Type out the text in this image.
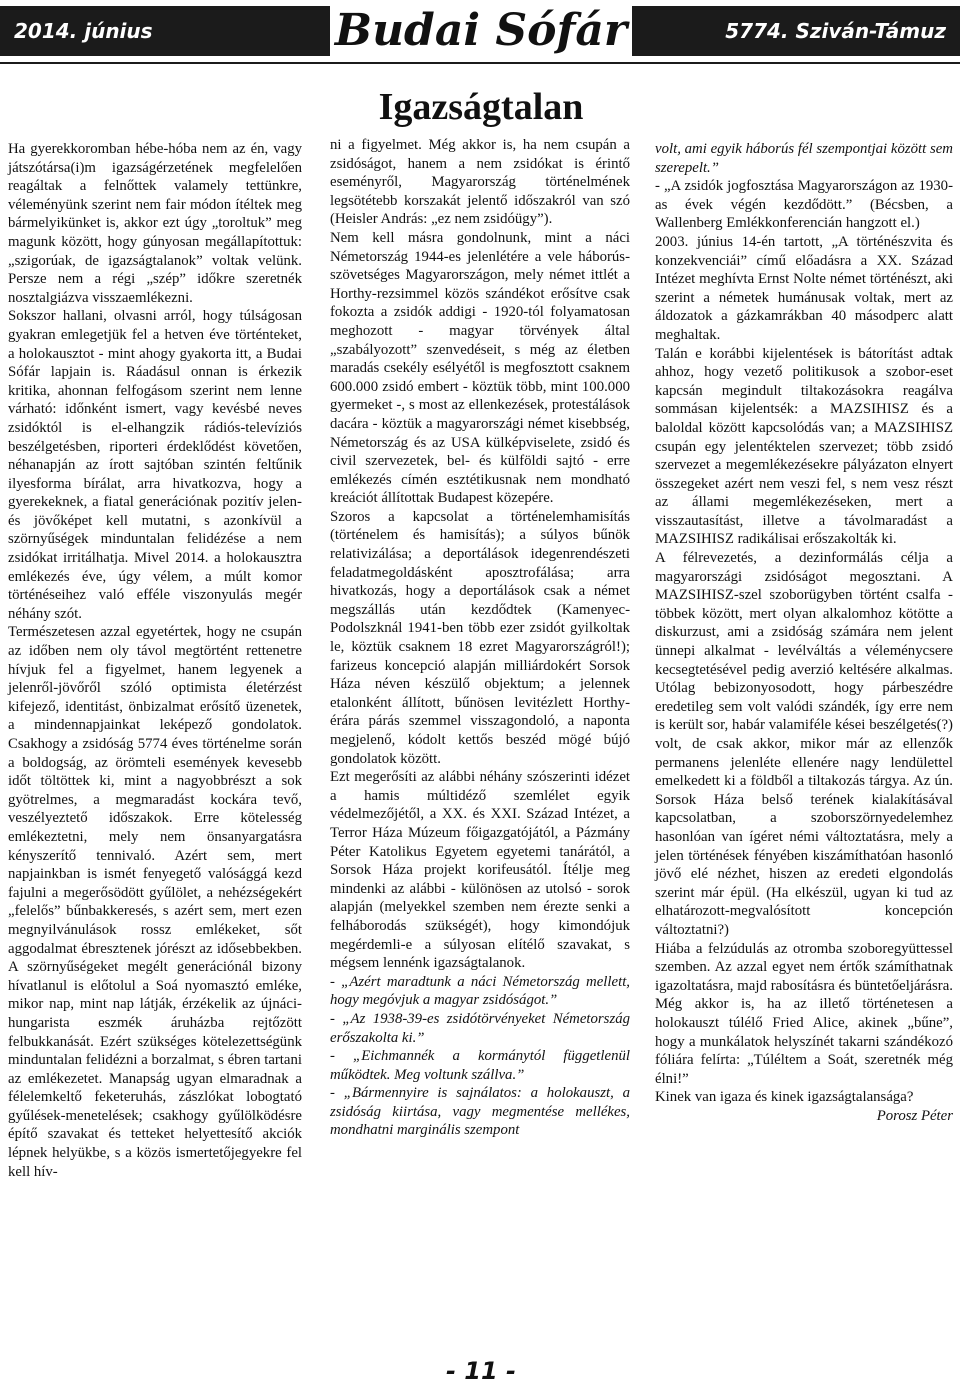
2014. június	Budai Sófár	5774. Sziván-Támuz
Igazságtalan

Ha gyerekkoromban hébe-hóba nem az én, vagy játszótársa(i)m igazságérzetének megfelelően reagáltak a felnőttek valamely tettünkre, véleményünk szerint nem fair módon ítéltek meg bármelyikünket is, akkor ezt úgy „toroltuk” meg magunk között, hogy gúnyosan megállapítottuk: „szigorúak, de igazságtalanok” voltak velünk. Persze nem a régi „szép” időkre szeretnék nosztalgiázva visszaemlékezni.

Sokszor hallani, olvasni arról, hogy túlságosan gyakran emlegetjük fel a hetven éve történteket, a holokausztot - mint ahogy gyakorta itt, a Budai Sófár lapjain is. Ráadásul onnan is érkezik kritika, ahonnan felfogásom szerint nem lenne várható: időnként ismert, vagy kevésbé neves zsidóktól is el-elhangzik rádiós-televíziós beszélgetésben, riporteri érdeklődést követően, néhanapján az írott sajtóban szintén feltűnik ilyesforma bírálat, arra hivatkozva, hogy a gyerekeknek, a fiatal generációnak pozitív jelen- és jövőképet kell mutatni, s azonkívül a szörnyűségek minduntalan felidézése a nem zsidókat irritálhatja. Mivel 2014. a holokausztra emlékezés éve, úgy vélem, a múlt komor történéseihez való efféle viszonyulás megér néhány szót.

Természetesen azzal egyetértek, hogy ne csupán az időben nem oly távol megtörtént rettenetre hívjuk fel a figyelmet, hanem legyenek a jelenről-jövőről szóló optimista életérzést kifejező, identitást, önbizalmat erősítő üzenetek, a mindennapjainkat leképező gondolatok. Csakhogy a zsidóság 5774 éves történelme során a boldogság, az örömteli események kevesebb időt töltöttek ki, mint a nagyobbrészt a sok gyötrelmes, a megmaradást kockára tevő, veszélyeztető időszakok. Erre kötelesség emlékeztetni, mely nem önsanyargatásra kényszerítő tennivaló. Azért sem, mert napjainkban is ismét fenyegető valósággá kezd fajulni a megerősödött gyűlölet, a nehézségekért „felelős” bűnbakkeresés, s azért sem, mert ezen megnyilvánulások rossz emlékeket, sőt aggodalmat ébresztenek jórészt az idősebbekben. A szörnyűségeket megélt generációnál bizony hívatlanul is előtolul a Soá nyomasztó emléke, mikor nap, mint nap látják, érzékelik az újnáci-hungarista eszmék áruházba rejtőzött felbukkanását. Ezért szükséges kötelezettségünk minduntalan felidézni a borzalmat, s ébren tartani az emlékezetet. Manapság ugyan elmaradnak a félelemkeltő feketeruhás, zászlókat lobogtató gyűlések-menetelések; csakhogy gyűlölködésre építő szavakat és tetteket helyettesítő akciók lépnek helyükbe, s a közös ismertetőjegyekre fel kell hív-

ni a figyelmet. Még akkor is, ha nem csupán a zsidóságot, hanem a nem zsidókat is érintő eseményről, Magyarország történelmének legsötétebb korszakát jelentő időszakról van szó (Heisler András: „ez nem zsidóügy”).

Nem kell másra gondolnunk, mint a náci Németország 1944-es jelenlétére a vele háborús-szövetséges Magyarországon, mely német ittlét a Horthy-rezsimmel közös szándékot erősítve csak fokozta a zsidók addigi - 1920-tól folyamatosan meghozott - magyar törvények által „szabályozott” szenvedéseit, s még az életben maradás csekély esélyétől is megfosztott csaknem 600.000 zsidó embert - köztük több, mint 100.000 gyermeket -, s most az ellenkezések, protestálások dacára - köztük a magyarországi német kisebbség, Németország és az USA külképviselete, zsidó és civil szervezetek, bel- és külföldi sajtó - erre emlékezés címén esztétikusnak nem mondható kreációt állítottak Budapest közepére.

Szoros a kapcsolat a történelemhamisítás (történelem és hamisítás); a súlyos bűnök relativizálása; a deportálások idegenrendészeti feladatmegoldásként aposztrofálása; arra hivatkozás, hogy a deportálások csak a német megszállás után kezdődtek (Kamenyec-Podolszknál 1941-ben több ezer zsidót gyilkoltak le, köztük csaknem 18 ezret Magyarországról!); farizeus koncepció alapján milliárdokért Sorsok Háza néven készülő objektum; a jelennek etalonként állított, bűnösen levitézlett Horthy-érára párás szemmel visszagondoló, a naponta megjelenő, kódolt kettős beszéd mögé bújó gondolatok között.

Ezt megerősíti az alábbi néhány szószerinti idézet a hamis múltidéző szemlélet egyik védelmezőjétől, a XX. és XXI. Század Intézet, a Terror Háza Múzeum főigazgatójától, a Pázmány Péter Katolikus Egyetem egyetemi tanárától, a Sorsok Háza projekt korifeusától. Ítélje meg mindenki az alábbi - különösen az utolsó - sorok alapján (melyekkel szemben nem érezte senki a felháborodás szükségét), hogy kimondójuk megérdemli-e a súlyosan elítélő szavakat, s mégsem lennénk igazságtalanok.

- „Azért maradtunk a náci Németország mellett, hogy megóvjuk a magyar zsidóságot.”

- „Az 1938-39-es zsidótörvényeket Németország erőszakolta ki.”

- „Eichmannék a kormánytól függetlenül működtek. Meg voltunk szállva.”

- „Bármennyire is sajnálatos: a holokauszt, a zsidóság kiirtása, vagy megmentése mellékes, mondhatni marginális szempont

volt, ami egyik háborús fél szempontjai között sem szerepelt.”

- „A zsidók jogfosztása Magyarországon az 1930-as évek végén kezdődött.” (Bécsben, a Wallenberg Emlékkonferencián hangzott el.)

2003. június 14-én tartott, „A történészvita és konzekvenciái” című előadásra a XX. Század Intézet meghívta Ernst Nolte német történészt, aki szerint a németek humánusak voltak, mert az áldozatok a gázkamrákban 40 másodperc alatt meghaltak.

Talán e korábbi kijelentések is bátorítást adtak ahhoz, hogy vezető politikusok a szobor-eset kapcsán megindult tiltakozásokra reagálva sommásan kijelentsék: a MAZSIHISZ és a baloldal között kapcsolódás van; a MAZSIHISZ csupán egy jelentéktelen szervezet; több zsidó szervezet a megemlékezésekre pályázaton elnyert összegeket azért nem veszi fel, s nem vesz részt az állami megemlékezéseken, mert a visszautasítást, illetve a távolmaradást a MAZSIHISZ radikálisai erőszakolták ki.

A félrevezetés, a dezinformálás célja a magyarországi zsidóságot megosztani. A MAZSIHISZ-szel szoborügyben történt csalfa - többek között, mert olyan alkalomhoz kötötte a diskurzust, ami a zsidóság számára nem jelent ünnepi alkalmat - levélváltás a véleménycsere kecsegtetésével pedig averzió keltésére alkalmas. Utólag bebizonyosodott, hogy párbeszédre eredetileg sem volt valódi szándék, így erre nem is került sor, habár valamiféle kései beszélgetés(?) volt, de csak akkor, mikor már az ellenzők permanens jelenléte ellenére nagy lendülettel emelkedett ki a földből a tiltakozás tárgya. Az ún. Sorsok Háza belső terének kialakításával kapcsolatban, a szoborszörnyedelemhez hasonlóan van ígéret némi változtatásra, mely a jelen történések fényében kiszámíthatóan hasonló jövő elé nézhet, hiszen az eredeti elgondolás szerint már épül. (Ha elkészül, ugyan ki tud az elhatározott-megvalósított koncepción változtatni?)

Hiába a felzúdulás az otromba szoboregyüttessel szemben. Az azzal egyet nem értők számíthatnak igazoltatásra, majd rabosításra és büntetőeljárásra. Még akkor is, ha az illető történetesen a holokauszt túlélő Fried Alice, akinek „bűne”, hogy a munkálatok helyszínét takarni szándékozó fóliára felírta: „Túléltem a Soát, szeretnék még élni!”

Kinek van igaza és kinek igazságtalansága?

Porosz Péter

- 11 -
